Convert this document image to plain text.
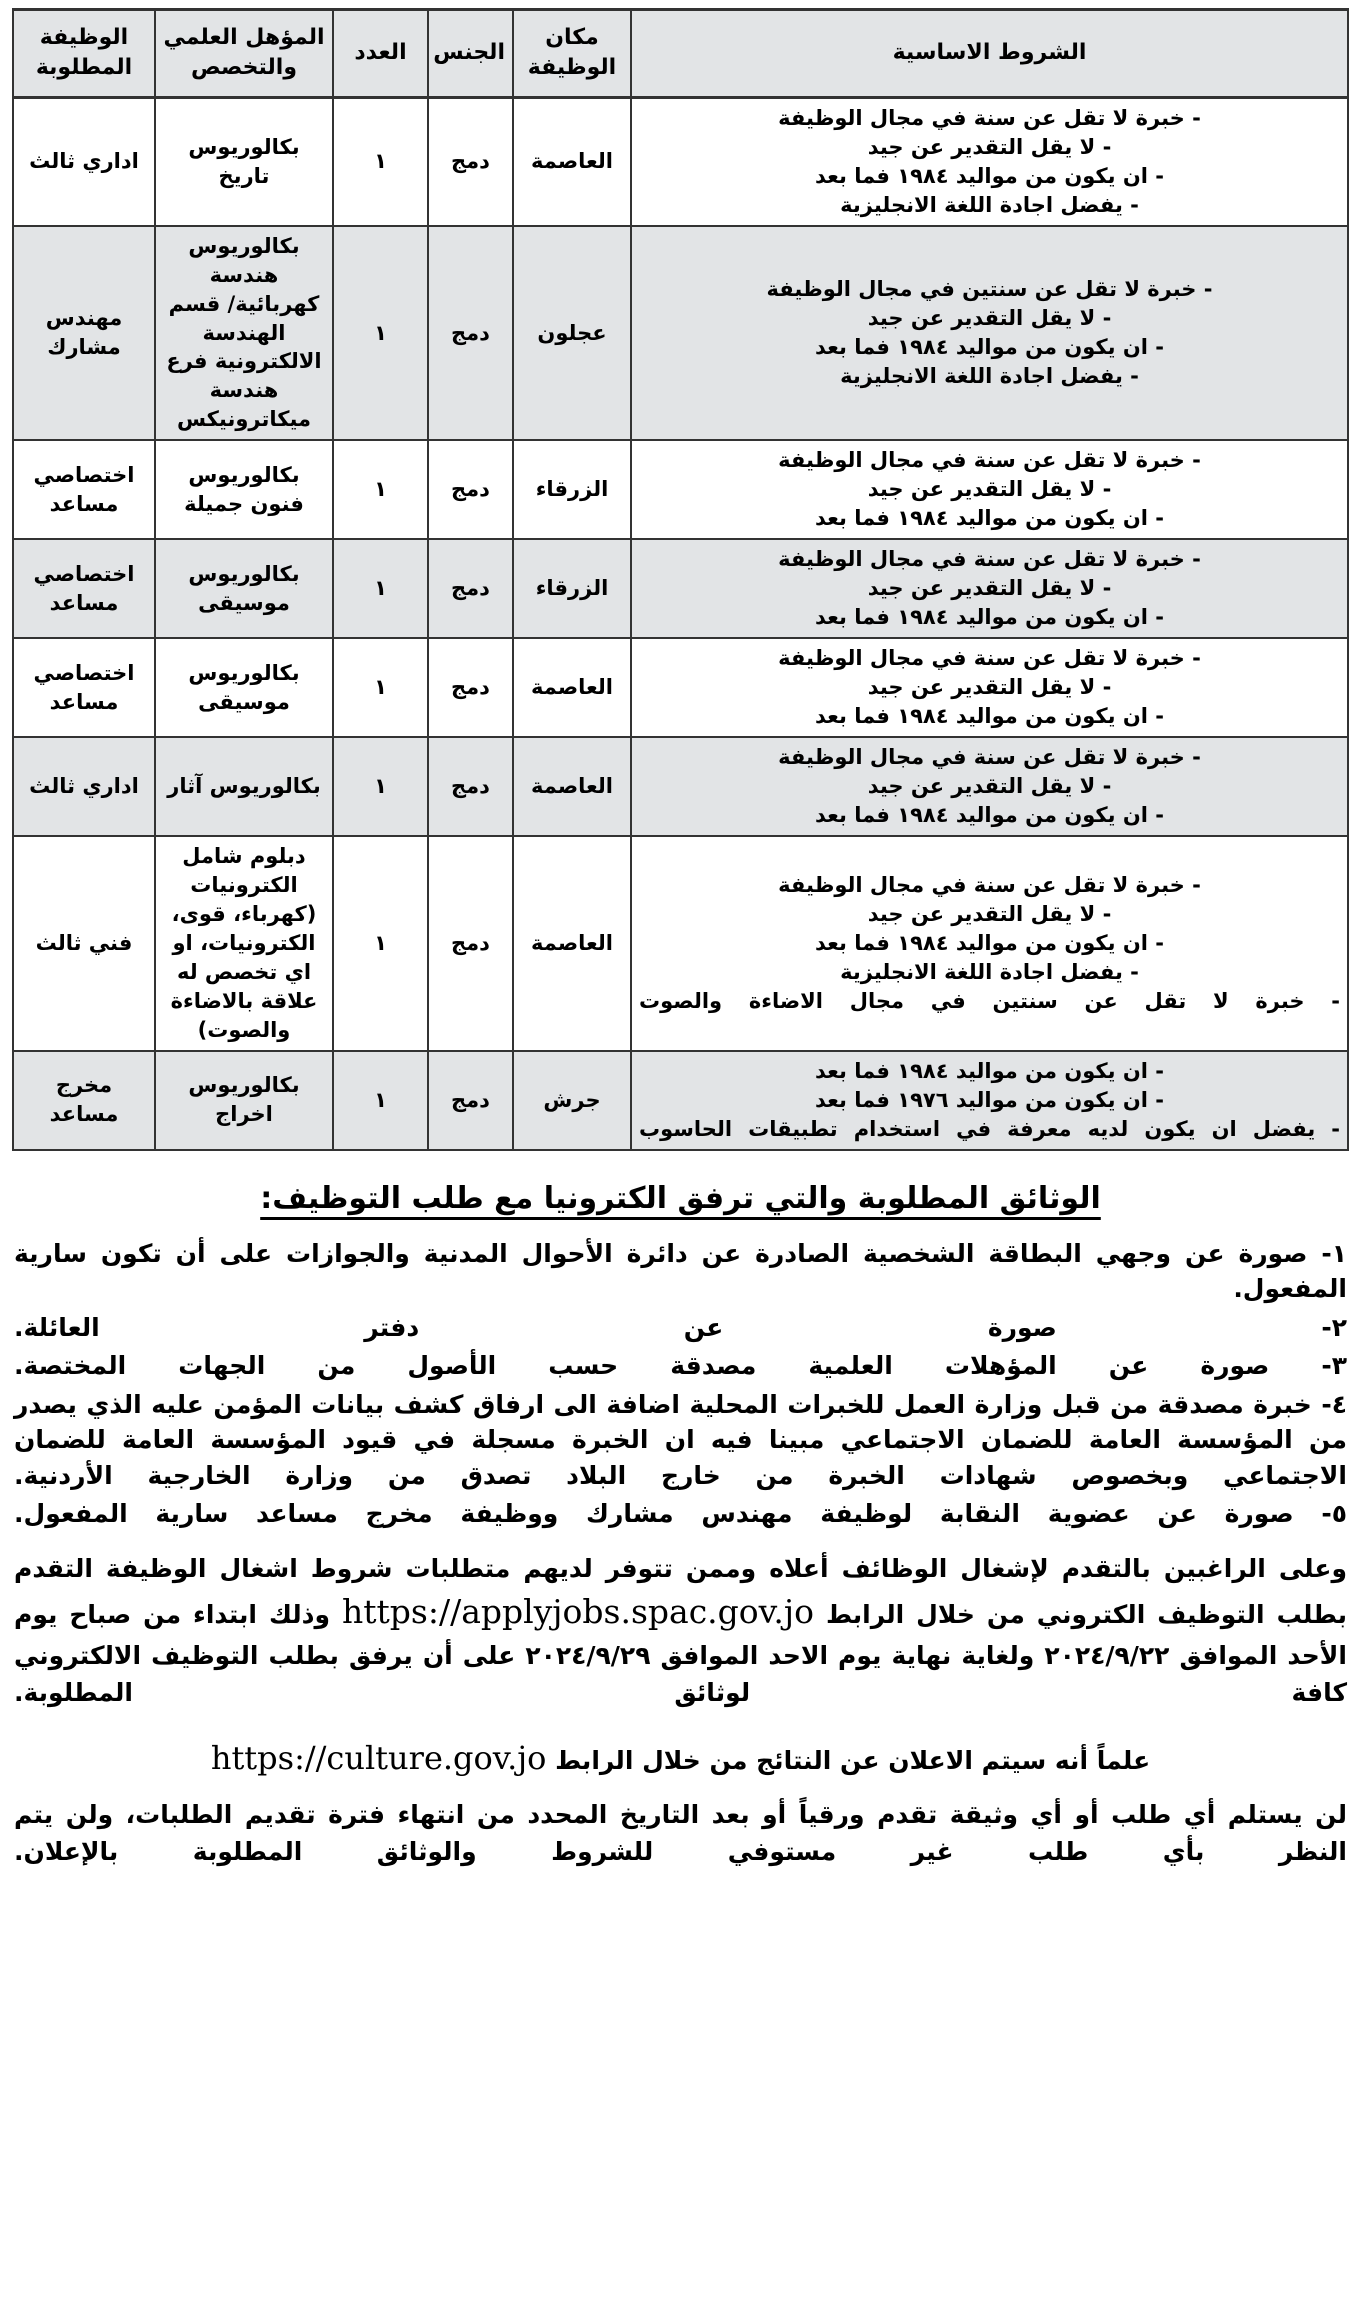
الشروط الاساسية	مكان الوظيفة	الجنس	العدد	المؤهل العلمي والتخصص	الوظيفة المطلوبة

- خبرة لا تقل عن سنة في مجال الوظيفة
- لا يقل التقدير عن جيد
- ان يكون من مواليد ١٩٨٤ فما بعد
- يفضل اجادة اللغة الانجليزية	العاصمة	دمج	١	بكالوريوس تاريخ	اداري ثالث

- خبرة لا تقل عن سنتين في مجال الوظيفة
- لا يقل التقدير عن جيد
- ان يكون من مواليد ١٩٨٤ فما بعد
- يفضل اجادة اللغة الانجليزية	عجلون	دمج	١	بكالوريوس هندسة كهربائية/ قسم الهندسة الالكترونية فرع هندسة ميكاترونيكس	مهندس مشارك

- خبرة لا تقل عن سنة في مجال الوظيفة
- لا يقل التقدير عن جيد
- ان يكون من مواليد ١٩٨٤ فما بعد	الزرقاء	دمج	١	بكالوريوس فنون جميلة	اختصاصي مساعد

- خبرة لا تقل عن سنة في مجال الوظيفة
- لا يقل التقدير عن جيد
- ان يكون من مواليد ١٩٨٤ فما بعد	الزرقاء	دمج	١	بكالوريوس موسيقى	اختصاصي مساعد

- خبرة لا تقل عن سنة في مجال الوظيفة
- لا يقل التقدير عن جيد
- ان يكون من مواليد ١٩٨٤ فما بعد	العاصمة	دمج	١	بكالوريوس موسيقى	اختصاصي مساعد

- خبرة لا تقل عن سنة في مجال الوظيفة
- لا يقل التقدير عن جيد
- ان يكون من مواليد ١٩٨٤ فما بعد	العاصمة	دمج	١	بكالوريوس آثار	اداري ثالث

- خبرة لا تقل عن سنة في مجال الوظيفة
- لا يقل التقدير عن جيد
- ان يكون من مواليد ١٩٨٤ فما بعد
- يفضل اجادة اللغة الانجليزية
- خبرة لا تقل عن سنتين في مجال الاضاءة والصوت	العاصمة	دمج	١	دبلوم شامل الكترونيات (كهرباء، قوى، الكترونيات، او اي تخصص له علاقة بالاضاءة والصوت)	فني ثالث

- ان يكون من مواليد ١٩٨٤ فما بعد
- ان يكون من مواليد ١٩٧٦ فما بعد
- يفضل ان يكون لديه معرفة في استخدام تطبيقات الحاسوب	جرش	دمج	١	بكالوريوس اخراج	مخرج مساعد
الوثائق المطلوبة والتي ترفق الكترونيا مع طلب التوظيف:
١- صورة عن وجهي البطاقة الشخصية الصادرة عن دائرة الأحوال المدنية والجوازات على أن تكون سارية المفعول.
٢- صورة عن دفتر العائلة.
٣- صورة عن المؤهلات العلمية مصدقة حسب الأصول من الجهات المختصة.
٤- خبرة مصدقة من قبل وزارة العمل للخبرات المحلية اضافة الى ارفاق كشف بيانات المؤمن عليه الذي يصدر من المؤسسة العامة للضمان الاجتماعي مبينا فيه ان الخبرة مسجلة في قيود المؤسسة العامة للضمان الاجتماعي وبخصوص شهادات الخبرة من خارج البلاد تصدق من وزارة الخارجية الأردنية.
٥- صورة عن عضوية النقابة لوظيفة مهندس مشارك ووظيفة مخرج مساعد سارية المفعول.
وعلى الراغبين بالتقدم لإشغال الوظائف أعلاه وممن تتوفر لديهم متطلبات شروط اشغال الوظيفة التقدم بطلب التوظيف الكتروني من خلال الرابط https://applyjobs.spac.gov.jo وذلك ابتداء من صباح يوم الأحد الموافق ٢٠٢٤/٩/٢٢ ولغاية نهاية يوم الاحد الموافق ٢٠٢٤/٩/٢٩ على أن يرفق بطلب التوظيف الالكتروني كافة لوثائق المطلوبة.
علماً أنه سيتم الاعلان عن النتائج من خلال الرابط https://culture.gov.jo
لن يستلم أي طلب أو أي وثيقة تقدم ورقياً أو بعد التاريخ المحدد من انتهاء فترة تقديم الطلبات، ولن يتم النظر بأي طلب غير مستوفي للشروط والوثائق المطلوبة بالإعلان.
